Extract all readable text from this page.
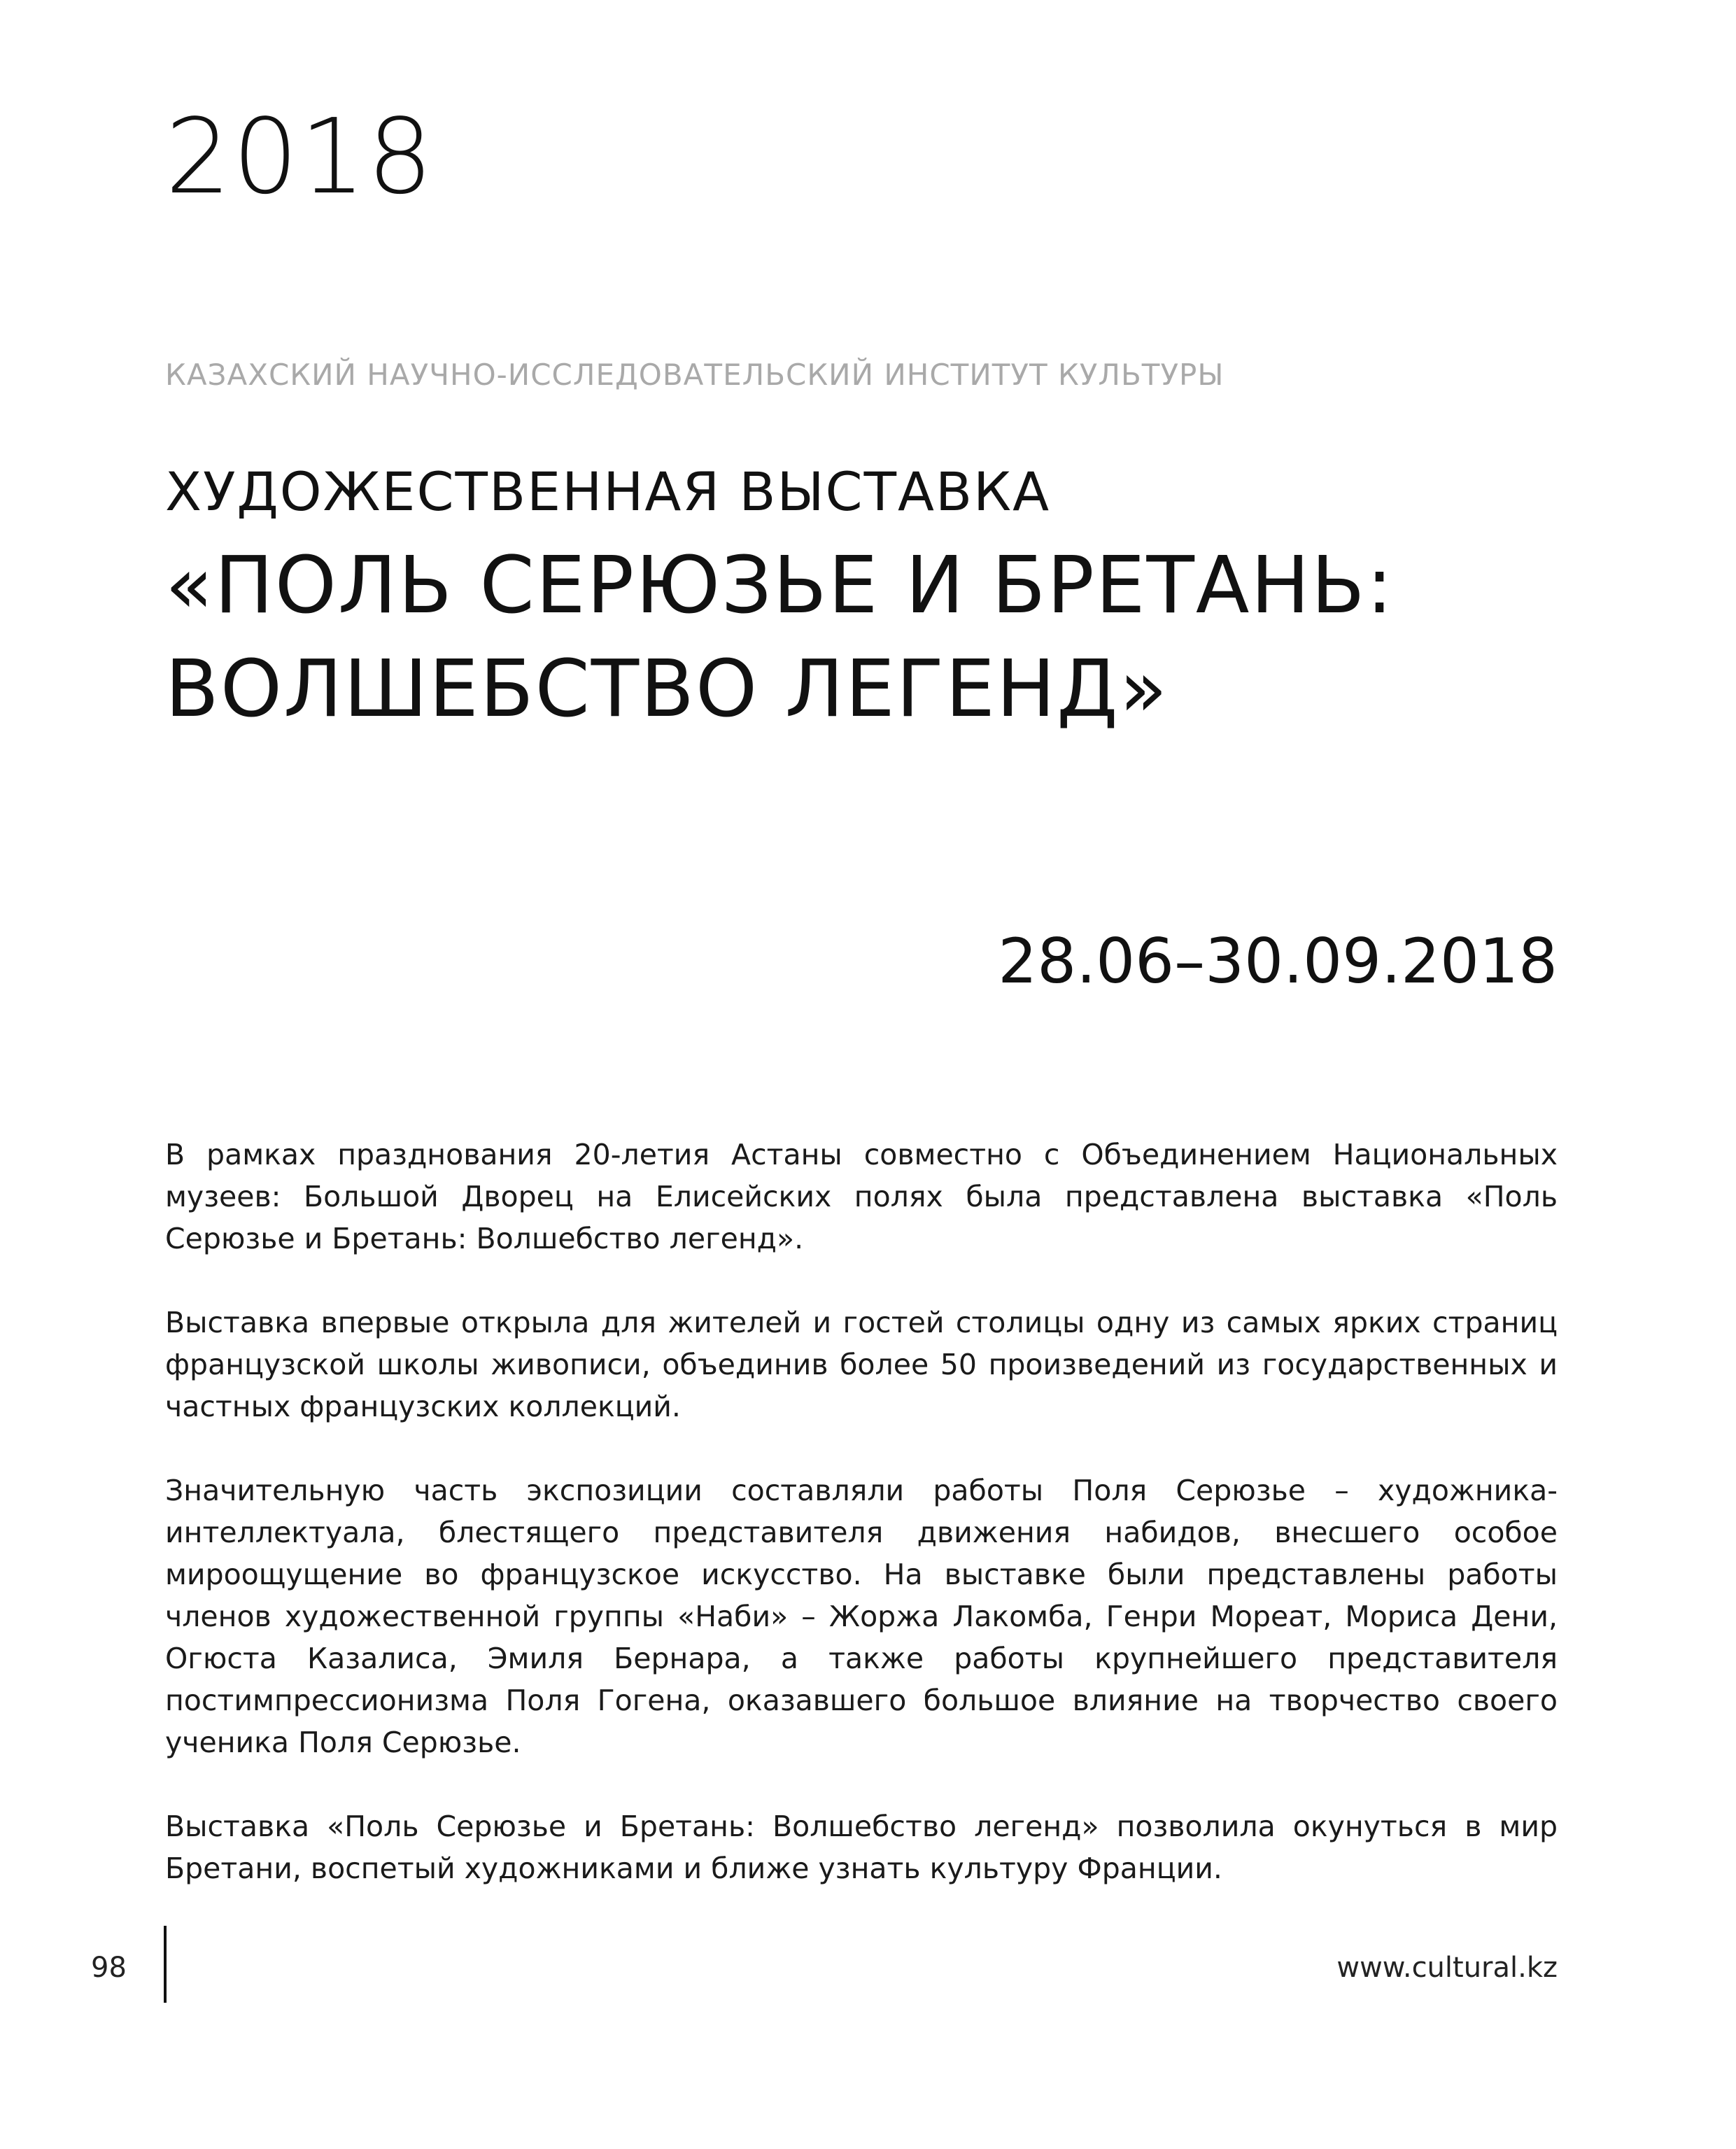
2018
КАЗАХСКИЙ НАУЧНО-ИССЛЕДОВАТЕЛЬСКИЙ ИНСТИТУТ КУЛЬТУРЫ
ХУДОЖЕСТВЕННАЯ ВЫСТАВКА
«ПОЛЬ СЕРЮЗЬЕ И БРЕТАНЬ:
ВОЛШЕБСТВО ЛЕГЕНД»
28.06–30.09.2018

В рамках празднования 20-летия Астаны совместно с Объединением Национальных музеев: Большой Дворец на Елисейских полях была представлена выставка «Поль Серюзье и Бретань: Волшебство легенд».

Выставка впервые открыла для жителей и гостей столицы одну из самых ярких страниц французской школы живописи, объединив более 50 произведений из государственных и частных французских коллекций.

Значительную часть экспозиции составляли работы Поля Серюзье – художника-интеллектуала, блестящего представителя движения набидов, внесшего особое мироощущение во французское искусство. На выставке были представлены работы членов художественной группы «Наби» – Жоржа Лакомба, Генри Мореат, Мориса Дени, Огюста Казалиса, Эмиля Бернара, а также работы крупнейшего представителя постимпрессионизма Поля Гогена, оказавшего большое влияние на творчество своего ученика Поля Серюзье.

Выставка «Поль Серюзье и Бретань: Волшебство легенд» позволила окунуться в мир Бретани, воспетый художниками и ближе узнать культуру Франции.

98	www.cultural.kz
